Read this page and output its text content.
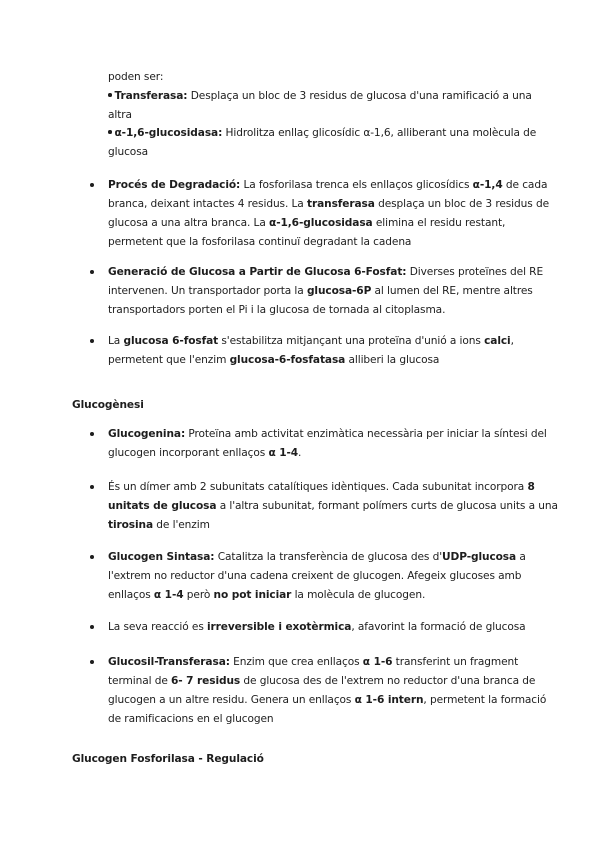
poden ser:
Transferasa: Desplaça un bloc de 3 residus de glucosa d'una ramificació a una
altra
α-1,6-glucosidasa: Hidrolitza enllaç glicosídic α-1,6, alliberant una molècula de
glucosa
Procés de Degradació: La fosforilasa trenca els enllaços glicosídics α-1,4 de cada
branca, deixant intactes 4 residus. La transferasa desplaça un bloc de 3 residus de
glucosa a una altra branca. La α-1,6-glucosidasa elimina el residu restant,
permetent que la fosforilasa continuï degradant la cadena
Generació de Glucosa a Partir de Glucosa 6-Fosfat: Diverses proteïnes del RE
intervenen. Un transportador porta la glucosa-6P al lumen del RE, mentre altres
transportadors porten el Pi i la glucosa de tornada al citoplasma.
La glucosa 6-fosfat s'estabilitza mitjançant una proteïna d'unió a ions calci,
permetent que l'enzim glucosa-6-fosfatasa alliberi la glucosa
Glucogènesi
Glucogenina: Proteïna amb activitat enzimàtica necessària per iniciar la síntesi del
glucogen incorporant enllaços α 1-4.
És un dímer amb 2 subunitats catalítiques idèntiques. Cada subunitat incorpora 8
unitats de glucosa a l'altra subunitat, formant polímers curts de glucosa units a una
tirosina de l'enzim
Glucogen Sintasa: Catalitza la transferència de glucosa des d'UDP-glucosa a
l'extrem no reductor d'una cadena creixent de glucogen. Afegeix glucoses amb
enllaços α 1-4 però no pot iniciar la molècula de glucogen.
La seva reacció es irreversible i exotèrmica, afavorint la formació de glucosa
Glucosil-Transferasa: Enzim que crea enllaços α 1-6 transferint un fragment
terminal de 6- 7 residus de glucosa des de l'extrem no reductor d'una branca de
glucogen a un altre residu. Genera un enllaços α 1-6 intern, permetent la formació
de ramificacions en el glucogen
Glucogen Fosforilasa - Regulació
